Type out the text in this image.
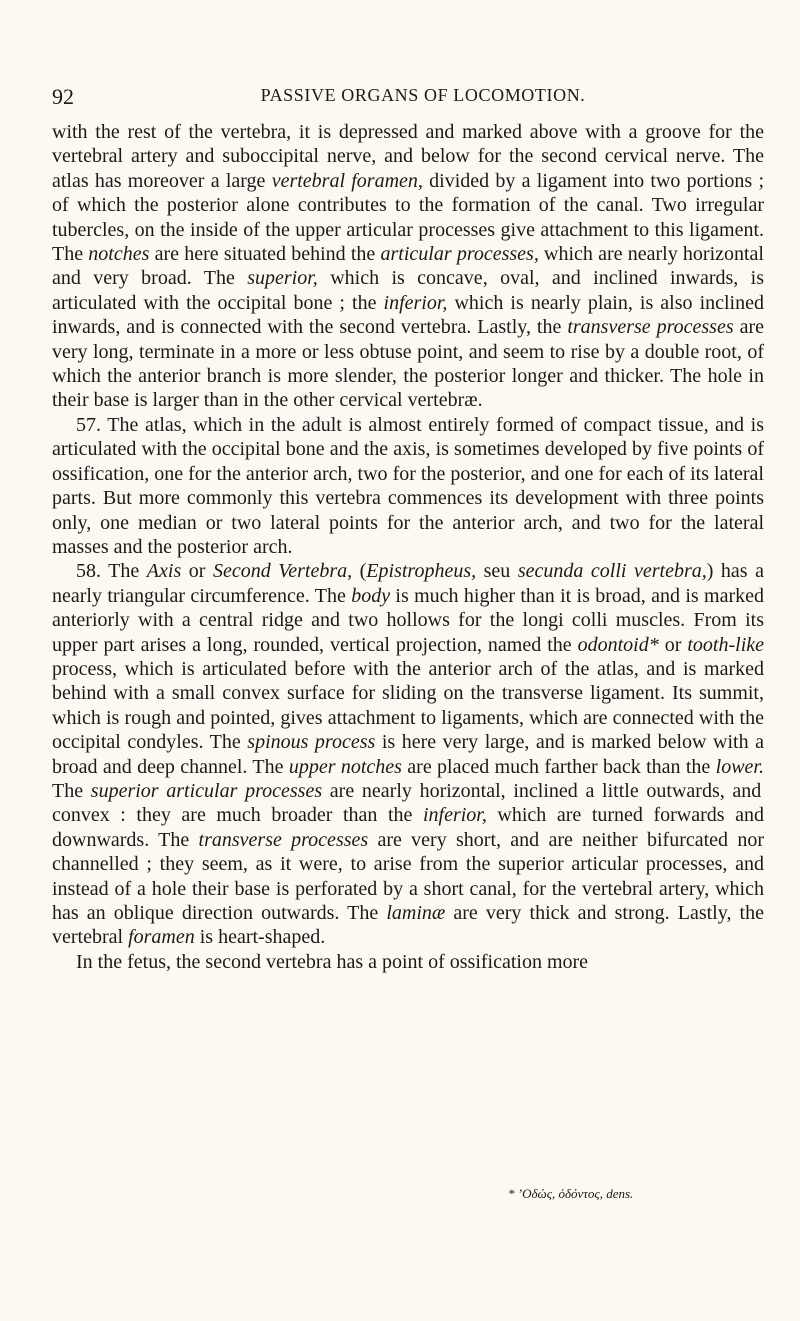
92	PASSIVE ORGANS OF LOCOMOTION.

with the rest of the vertebra, it is depressed and marked above with a groove for the vertebral artery and suboccipital nerve, and below for the second cervical nerve. The atlas has moreover a large vertebral foramen, divided by a ligament into two portions ; of which the posterior alone contributes to the formation of the canal. Two irregular tubercles, on the inside of the upper articular processes give attachment to this ligament. The notches are here situated behind the articular processes, which are nearly horizontal and very broad. The superior, which is concave, oval, and inclined inwards, is articulated with the occipital bone ; the inferior, which is nearly plain, is also inclined inwards, and is connected with the second vertebra. Lastly, the transverse processes are very long, terminate in a more or less obtuse point, and seem to rise by a double root, of which the anterior branch is more slender, the posterior longer and thicker. The hole in their base is larger than in the other cervical vertebræ.

57. The atlas, which in the adult is almost entirely formed of compact tissue, and is articulated with the occipital bone and the axis, is sometimes developed by five points of ossification, one for the anterior arch, two for the posterior, and one for each of its lateral parts. But more commonly this vertebra commences its development with three points only, one median or two lateral points for the anterior arch, and two for the lateral masses and the posterior arch.

58. The Axis or Second Vertebra, (Epistropheus, seu secunda colli vertebra,) has a nearly triangular circumference. The body is much higher than it is broad, and is marked anteriorly with a central ridge and two hollows for the longi colli muscles. From its upper part arises a long, rounded, vertical projection, named the odontoid* or tooth-like process, which is articulated before with the anterior arch of the atlas, and is marked behind with a small convex surface for sliding on the transverse ligament. Its summit, which is rough and pointed, gives attachment to ligaments, which are connected with the occipital condyles. The spinous process is here very large, and is marked below with a broad and deep channel. The upper notches are placed much farther back than the lower. The superior articular processes are nearly horizontal, inclined a little outwards, and convex : they are much broader than the inferior, which are turned forwards and downwards. The transverse processes are very short, and are neither bifurcated nor channelled ; they seem, as it were, to arise from the superior articular processes, and instead of a hole their base is perforated by a short canal, for the vertebral artery, which has an oblique direction outwards. The laminæ are very thick and strong. Lastly, the vertebral foramen is heart-shaped.

In the fetus, the second vertebra has a point of ossification more

* ’Οδὡς, ὀδόντος, dens.
